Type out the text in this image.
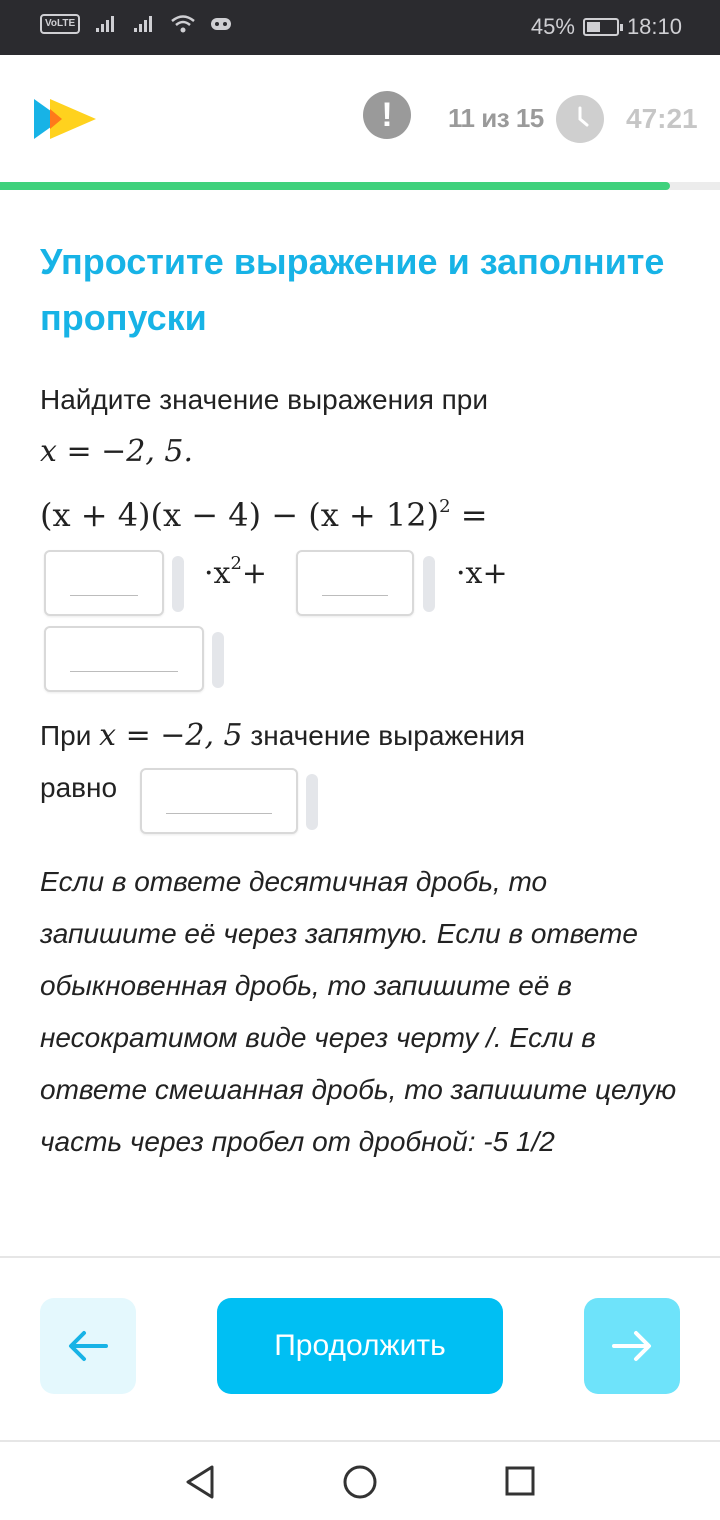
VoLTE	45% 18:10
!	11 из 15	47:21
Упростите выражение и заполните пропуски
Найдите значение выражения при
x = −2, 5.
$(x + 4)(x - 4) - (x + 12)^2$ =
$\cdot x^2+$	·x+
При x = −2, 5 значение выражения
равно
Если в ответе десятичная дробь, то запишите её через запятую. Если в ответе обыкновенная дробь, то запишите её в несократимом виде через черту /. Если в ответе смешанная дробь, то запишите целую часть через пробел от дробной: -5 1/2
Продолжить
